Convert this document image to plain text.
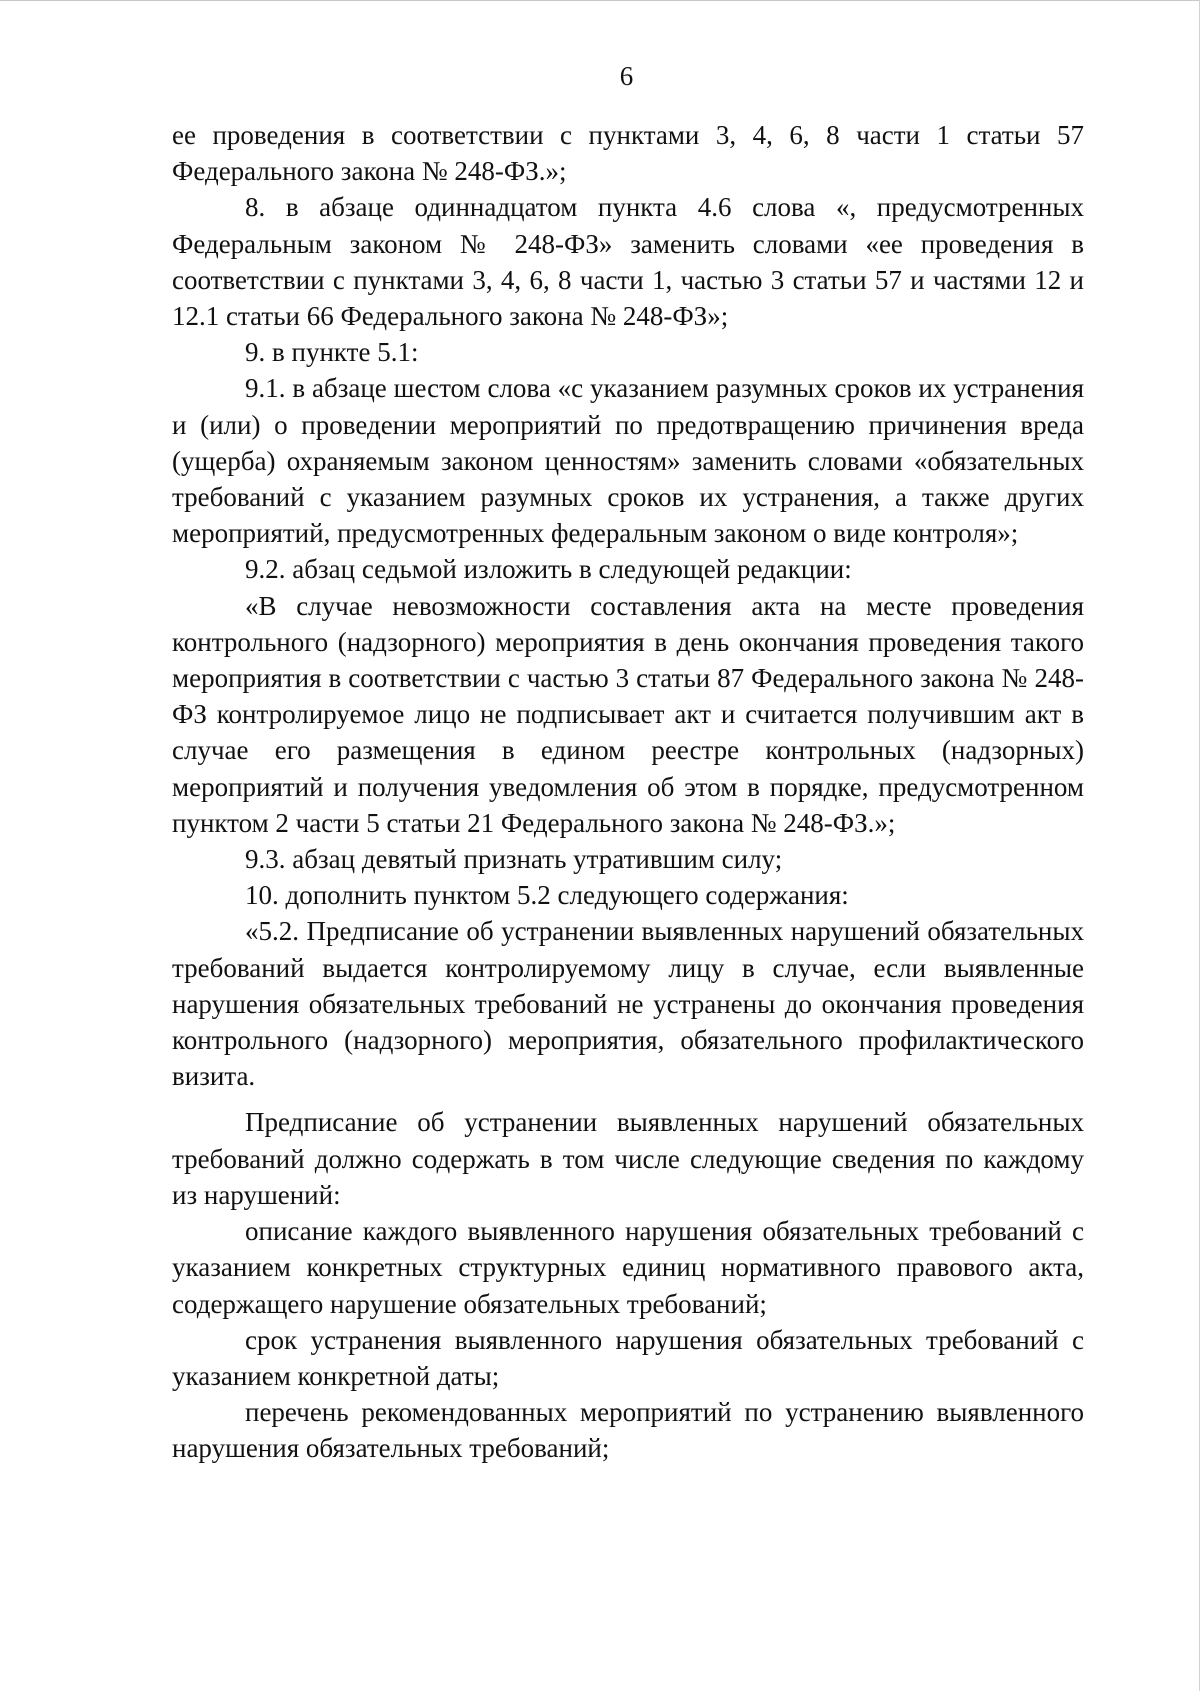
6

ее проведения в соответствии с пунктами 3, 4, 6, 8 части 1 статьи 57 Федерального закона № 248-ФЗ.»;

8. в абзаце одиннадцатом пункта 4.6 слова «, предусмотренных Федеральным законом № 248-ФЗ» заменить словами «ее проведения в соответствии с пунктами 3, 4, 6, 8 части 1, частью 3 статьи 57 и частями 12 и 12.1 статьи 66 Федерального закона № 248-ФЗ»;

9. в пункте 5.1:

9.1. в абзаце шестом слова «с указанием разумных сроков их устранения и (или) о проведении мероприятий по предотвращению причинения вреда (ущерба) охраняемым законом ценностям» заменить словами «обязательных требований с указанием разумных сроков их устранения, а также других мероприятий, предусмотренных федеральным законом о виде контроля»;

9.2. абзац седьмой изложить в следующей редакции:

«В случае невозможности составления акта на месте проведения контрольного (надзорного) мероприятия в день окончания проведения такого мероприятия в соответствии с частью 3 статьи 87 Федерального закона № 248-ФЗ контролируемое лицо не подписывает акт и считается получившим акт в случае его размещения в едином реестре контрольных (надзорных) мероприятий и получения уведомления об этом в порядке, предусмотренном пунктом 2 части 5 статьи 21 Федерального закона № 248-ФЗ.»;

9.3. абзац девятый признать утратившим силу;

10. дополнить пунктом 5.2 следующего содержания:

«5.2. Предписание об устранении выявленных нарушений обязательных требований выдается контролируемому лицу в случае, если выявленные нарушения обязательных требований не устранены до окончания проведения контрольного (надзорного) мероприятия, обязательного профилактического визита.

Предписание об устранении выявленных нарушений обязательных требований должно содержать в том числе следующие сведения по каждому из нарушений:

описание каждого выявленного нарушения обязательных требований с указанием конкретных структурных единиц нормативного правового акта, содержащего нарушение обязательных требований;

срок устранения выявленного нарушения обязательных требований с указанием конкретной даты;

перечень рекомендованных мероприятий по устранению выявленного нарушения обязательных требований;
